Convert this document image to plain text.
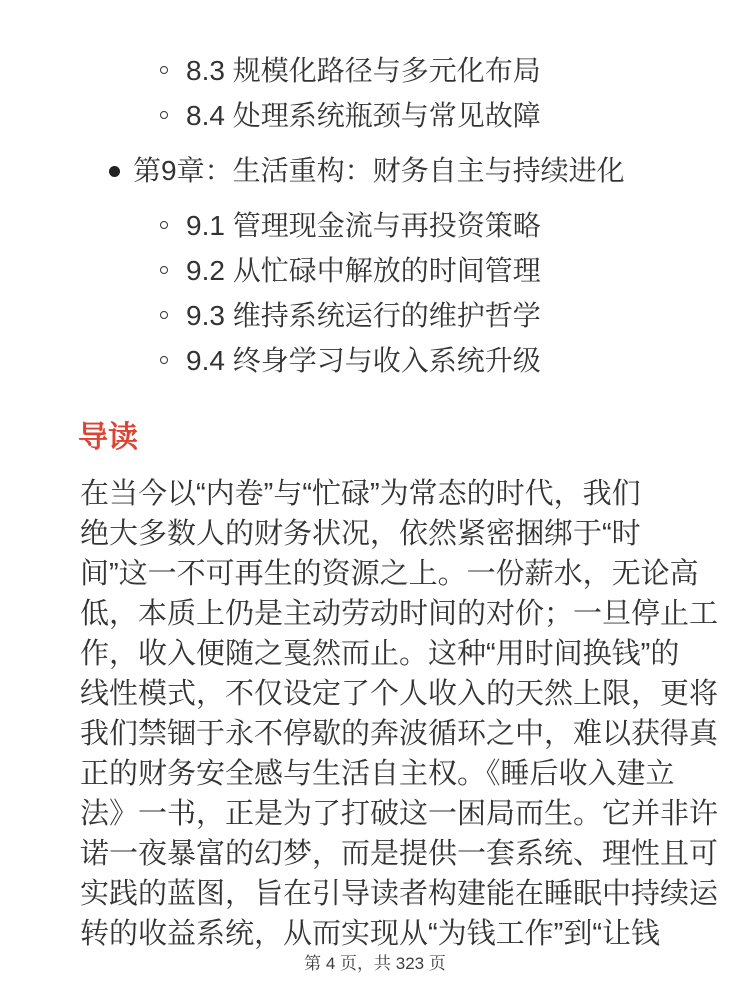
8.3 规模化路径与多元化布局
8.4 处理系统瓶颈与常见故障
第9章：生活重构：财务自主与持续进化
9.1 管理现金流与再投资策略
9.2 从忙碌中解放的时间管理
9.3 维持系统运行的维护哲学
9.4 终身学习与收入系统升级
导读
在当今以“内卷”与“忙碌”为常态的时代，我们
绝大多数人的财务状况，依然紧密捆绑于“时
间”这一不可再生的资源之上。一份薪水，无论高
低，本质上仍是主动劳动时间的对价；一旦停止工
作，收入便随之戛然而止。这种“用时间换钱”的
线性模式，不仅设定了个人收入的天然上限，更将
我们禁锢于永不停歇的奔波循环之中，难以获得真
正的财务安全感与生活自主权。《睡后收入建立
法》一书，正是为了打破这一困局而生。它并非许
诺一夜暴富的幻梦，而是提供一套系统、理性且可
实践的蓝图，旨在引导读者构建能在睡眠中持续运
转的收益系统，从而实现从“为钱工作”到“让钱
第 4 页，共 323 页
